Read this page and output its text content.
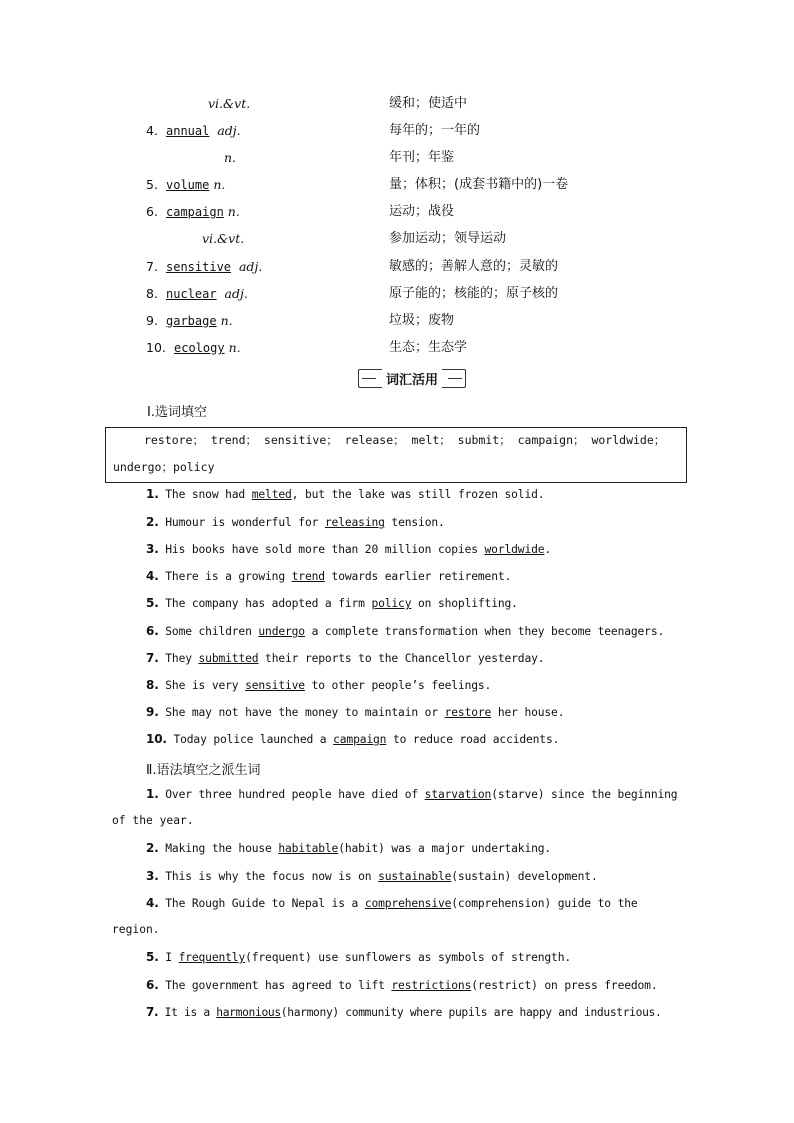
vi.&vt.	缓和；使适中
4. annual adj.	每年的；一年的
n.	年刊；年鉴
5. volume n.	量；体积；(成套书籍中的)一卷
6. campaign n.	运动；战役
vi.&vt.	参加运动；领导运动
7. sensitive adj.	敏感的；善解人意的；灵敏的
8. nuclear adj.	原子能的；核能的；原子核的
9. garbage n.	垃圾；废物
10. ecology n.	生态；生态学
词汇活用
Ⅰ.选词填空
restore； trend； sensitive； release； melt； submit； campaign； worldwide；
undergo；policy
1. The snow had melted, but the lake was still frozen solid.
2. Humour is wonderful for releasing tension.
3. His books have sold more than 20 million copies worldwide.
4. There is a growing trend towards earlier retirement.
5. The company has adopted a firm policy on shoplifting.
6. Some children undergo a complete transformation when they become teenagers.
7. They submitted their reports to the Chancellor yesterday.
8. She is very sensitive to other people’s feelings.
9. She may not have the money to maintain or restore her house.
10. Today police launched a campaign to reduce road accidents.
Ⅱ.语法填空之派生词
1. Over three hundred people have died of starvation(starve) since the beginning
of the year.
2. Making the house habitable(habit) was a major undertaking.
3. This is why the focus now is on sustainable(sustain) development.
4. The Rough Guide to Nepal is a comprehensive(comprehension) guide to the
region.
5. I frequently(frequent) use sunflowers as symbols of strength.
6. The government has agreed to lift restrictions(restrict) on press freedom.
7. It is a harmonious(harmony) community where pupils are happy and industrious.
